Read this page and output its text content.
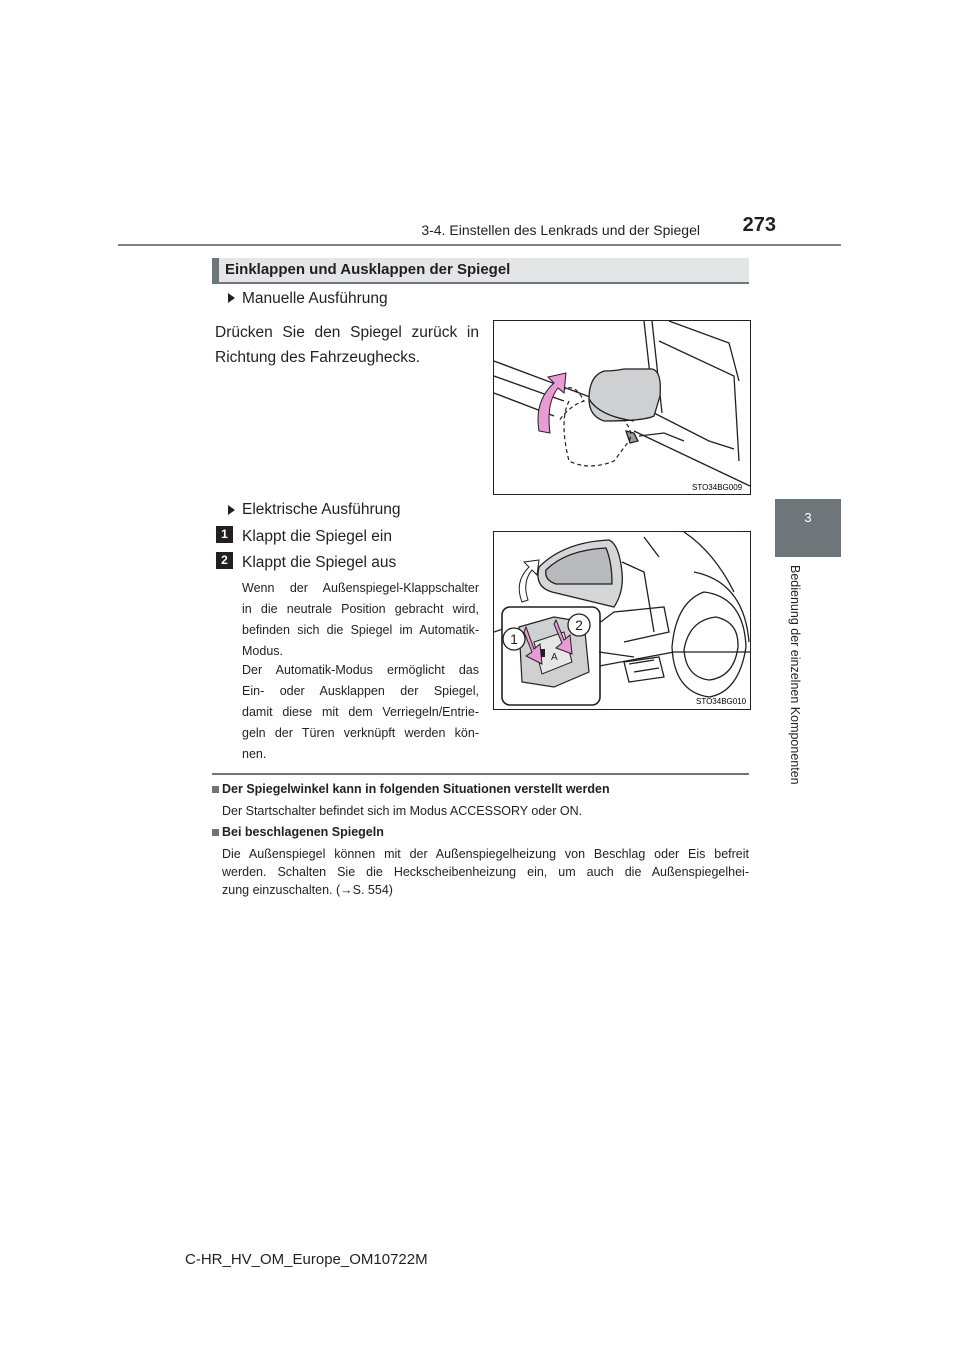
3-4. Einstellen des Lenkrads und der Spiegel	273
3
Bedienung der einzelnen Komponenten
Einklappen und Ausklappen der Spiegel
Manuelle Ausführung
Drücken Sie den Spiegel zurück in
Richtung des Fahrzeughecks.
STO34BG009
Elektrische Ausführung
1 Klappt die Spiegel ein
2 Klappt die Spiegel aus
Wenn der Außenspiegel-Klappschalter
in die neutrale Position gebracht wird,
befinden sich die Spiegel im Automatik-
Modus.
Der Automatik-Modus ermöglicht das
Ein- oder Ausklappen der Spiegel,
damit diese mit dem Verriegeln/Entrie-
geln der Türen verknüpft werden kön-
nen.
A
1
2
STO34BG010
Der Spiegelwinkel kann in folgenden Situationen verstellt werden
Der Startschalter befindet sich im Modus ACCESSORY oder ON.
Bei beschlagenen Spiegeln
Die Außenspiegel können mit der Außenspiegelheizung von Beschlag oder Eis befreit
werden. Schalten Sie die Heckscheibenheizung ein, um auch die Außenspiegelhei-
zung einzuschalten. (→S. 554)
C-HR_HV_OM_Europe_OM10722M
